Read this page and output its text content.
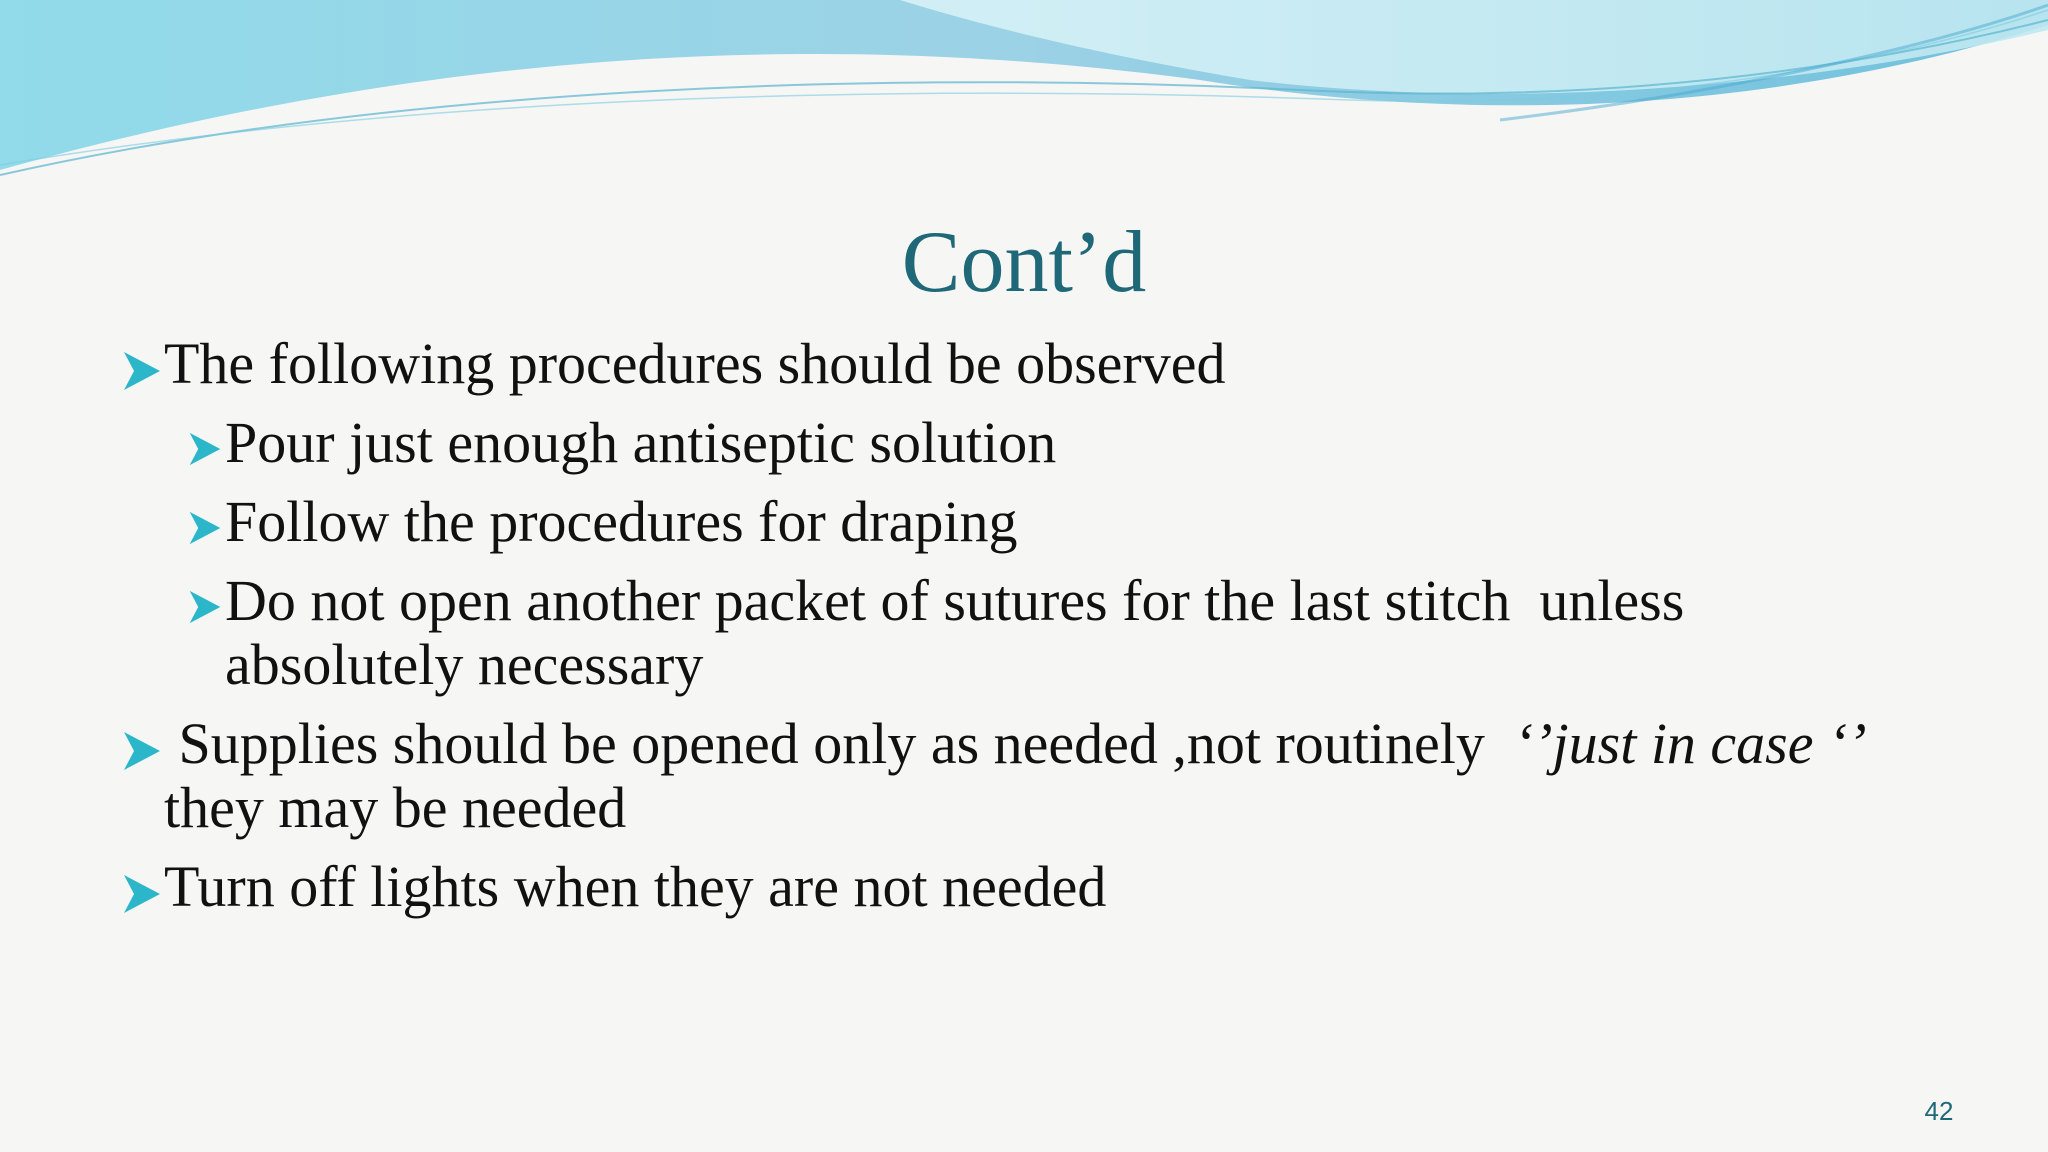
Cont’d
The following procedures should be observed
Pour just enough antiseptic solution
Follow the procedures for draping
Do not open another packet of sutures for the last stitch  unless
absolutely necessary
Supplies should be opened only as needed ,not routinely  ‘’just in case ‘’
they may be needed
Turn off lights when they are not needed
42
